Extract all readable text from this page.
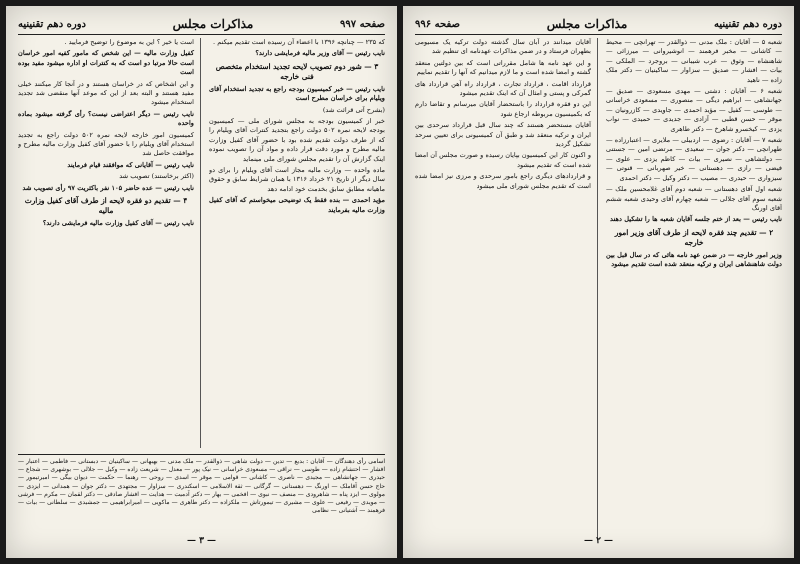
صفحه ۹۹۷
مذاکرات مجلس
دوره دهم تقنینیه
که ۲۳۵ — چنانچه ۱۳۹۶ با اعضاء آن رسیده است تقدیم میکنم .
نایب رئیس — آقای وزیر مالیه فرمایشی دارند؟
۳ — شور دوم تصویب لایحه تجدید استخدام متخصص فنی خارجه
نایب رئیس — خبر کمیسیون بودجه راجع به تجدید استخدام آقای ویلیام برای خراسان مطرح است
(بشرح آتی قرائت شد)
خبر از کمیسیون بودجه به مجلس شورای ملی — کمیسیون بودجه لایحه نمره ۵۰۲ دولت راجع بتجدید کنترات آقای ویلیام را که از طرف دولت تقدیم شده بود با حضور آقای کفیل وزارت مالیه مطرح و مورد دقت قرار داده و مواد آن را تصویب نموده اینک گزارش آن را تقدیم مجلس شورای ملی مینماید
ماده واحده — وزارت مالیه مجاز است آقای ویلیام را برای دو سال دیگر از تاریخ ۲۱ خرداد ۱۳۱۶ با همان شرایط سابق و حقوق ماهیانه مطابق سابق بخدمت خود ادامه دهد
مؤید احمدی — بنده فقط یک توضیحی میخواستم که آقای کفیل وزارت مالیه بفرمایند
است یا خیر ؟ این به موضوع را توضیح فرمایید .
کفیل وزارت مالیه — این شخص که مامور کفیه امور خراسان است حالا مرتبا دو است که به کنترات او اداره میشود مفید بوده است
و این اشخاص که در خراسان هستند و در آنجا کار میکنند خیلی مفید هستند و البته بعد از این که موعد آنها منقضی شد تجدید استخدام میشود
نایب رئیس — دیگر اعتراضی نیست؟ رأی گرفته میشود بماده واحده
کمیسیون امور خارجه لایحه نمره ۵۰۲ دولت راجع به تجدید استخدام آقای ویلیام را با حضور آقای کفیل وزارت مالیه مطرح و موافقت حاصل شد
نایب رئیس — آقایانی که موافقند قیام فرمایند
(اکثر برخاستند) تصویب شد
نایب رئیس — عده حاضر ۱۰۵ نفر باکثریت ۹۷ رأی تصویب شد
۴ — تقدیم دو فقره لایحه از طرف آقای کفیل وزارت مالیه
نایب رئیس — آقای کفیل وزارت مالیه فرمایشی دارند؟
اسامی رأی دهندگان — آقایان : بدیع — تدین — دولت شاهی — ذوالقدر — ملک مدنی — بهبهانی — ساکینیان — دبستانی — فاطمی — اعتبار — افشار — احتشام زاده — طوسی — نراقی — مسعودی خراسانی — نیک پور — معدل — شریعت زاده — وکیل — جلالی — بوشهری — شجاع — حیدری — جهانشاهی — مجیدی — ناصری — کاشانی — قوامی — موقر — اسدی — روحی — رهنما — حکمت — دیوان بیگی — امیرتیمور — حاج حسن آقاملک — اورنگ — دهستانی — گرگانی — ثقة الاسلامی — اسکندری — سزاوار — مجتهدی — دکتر جوان — همدانی — ایزدی — مولوی — ایزد پناه — شاهرودی — منصف — نبوی — افخمی — بهار — دکتر آدمیت — هدایت — افشار صادقی — دکتر لقمان — مکرم — فرشی — مویدی — رفیعی — علوی — مشیری — تیمورتاش — ملکزاده — دکتر طاهری — ماکویی — امیرابراهیمی — جمشیدی — سلطانی — بیات — فرهمند — آشتیانی — نظامی
— ۳ —
دوره دهم تقنینیه
مذاکرات مجلس
صفحه ۹۹۶
شعبه ۵ — آقایان : ملک مدنی — ذوالقدر — تهرانچی — محیط — کاشانی — مخبر فرهمند — انوشیروانی — میرزائی — شاهنشاه — وثوق — عرب شیبانی — بروجرد — الملکی — بیات — افشار — صدیق — سزاوار — ساکینیان — دکتر ملک زاده — ناهید
شعبه ۶ — آقایان : دشتی — مهدی مسعودی — صدیق — جهانشاهی — ابراهیم دیگی — منصوری — مسعودی خراسانی — طوسی — کفیل — مؤید احمدی — جاویدی — کازرونیان — موقر — حسن قطبی — آزادی — جدیدی — حمیدی — نواب یزدی — کیخسرو شاهرخ — دکتر طاهری
شعبه ۷ — آقایان : رضوی — اردبیلی — ملایری — اعتبارزاده — طهرانچی — دکتر جوان — سعیدی — مرتضی امین — جستنی — دولتشاهی — نصیری — بیات — کاظم یزدی — علوی — فیضی — رازی — دهستانی — خیر صهربانی — قنوتی — سیزواری — حیدری — مصیب — دکتر وکیل — دکتر احمدی
شعبه اول آقای دهستانی — شعبه دوم آقای غلامحسین ملک — شعبه سوم آقای جلالی — شعبه چهارم آقای وحیدی شعبه ششم آقای اورنگ
نایب رئیس — بعد از ختم جلسه آقایان شعبه ها را تشکیل دهند
۲ — تقدیم چند فقره لایحه از طرف آقای وزیر امور خارجه
وزیر امور خارجه — در ضمن عهد نامه هائی که در سال قبل بین دولت شاهنشاهی ایران و ترکیه منعقد شده است تقدیم میشود
آقایان میدانند در آبان سال گذشته دولت ترکیه یک مسیومی بطهران فرستاد و در ضمن مذاکرات عهدنامه ای تنظیم شد
و این عهد نامه ها شامل مقرراتی است که بین دولتین منعقد گشته و امضا شده است و ما لازم میدانیم که آنها را تقدیم نماییم
قرارداد اقامت ، قرارداد تجارت ، قرارداد راه آهن قرارداد های گمرکی و پستی و امثال آن که اینک تقدیم میشود
این دو فقره قرارداد را باستحضار آقایان میرسانم و تقاضا دارم که بکمیسیون مربوطه ارجاع شود
آقایان مستحضر هستند که چند سال قبل قرارداد سرحدی بین ایران و ترکیه منعقد شد و طبق آن کمیسیونی برای تعیین سرحد تشکیل گردید
و اکنون کار این کمیسیون بپایان رسیده و صورت مجلس آن امضا شده است که تقدیم میشود
و قراردادهای دیگری راجع بامور سرحدی و مرزی نیز امضا شده است که تقدیم مجلس شورای ملی میشود
— ۲ —
